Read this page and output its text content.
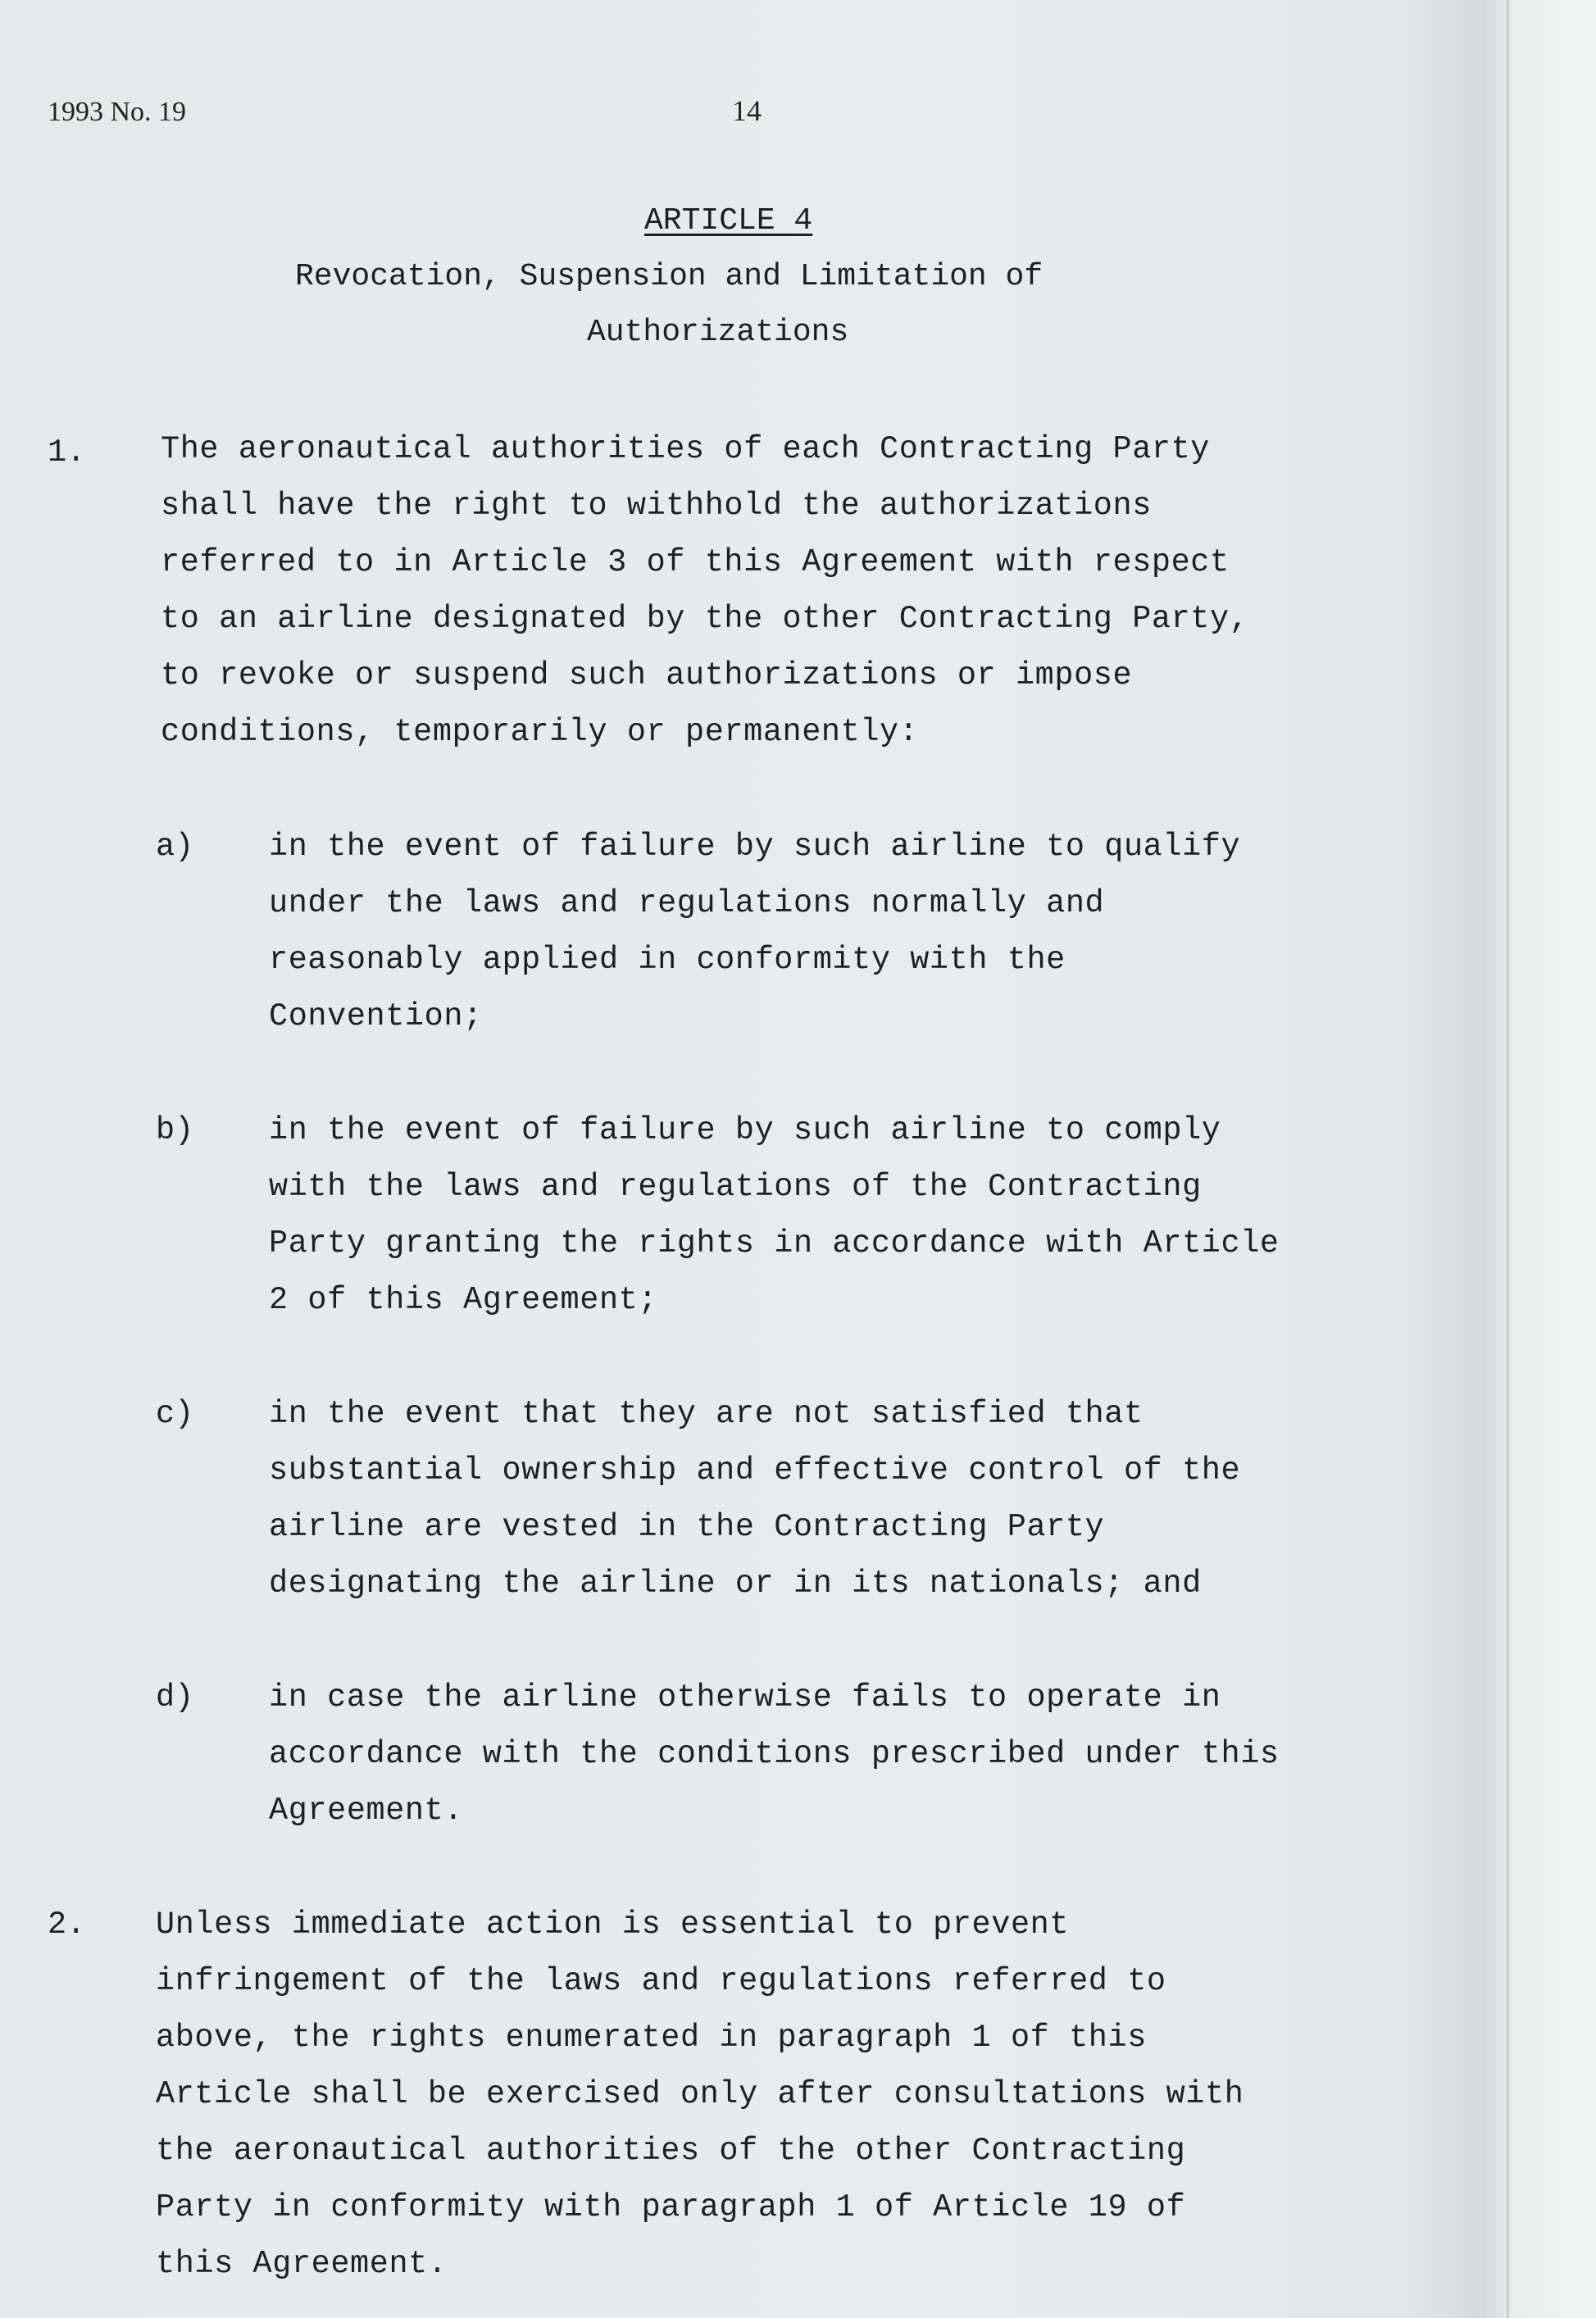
1993 No. 19	14
ARTICLE 4
Revocation, Suspension and Limitation of
Authorizations
1. The aeronautical authorities of each Contracting Party
shall have the right to withhold the authorizations
referred to in Article 3 of this Agreement with respect
to an airline designated by the other Contracting Party,
to revoke or suspend such authorizations or impose
conditions, temporarily or permanently:
a) in the event of failure by such airline to qualify
under the laws and regulations normally and
reasonably applied in conformity with the
Convention;
b) in the event of failure by such airline to comply
with the laws and regulations of the Contracting
Party granting the rights in accordance with Article
2 of this Agreement;
c) in the event that they are not satisfied that
substantial ownership and effective control of the
airline are vested in the Contracting Party
designating the airline or in its nationals; and
d) in case the airline otherwise fails to operate in
accordance with the conditions prescribed under this
Agreement.
2. Unless immediate action is essential to prevent
infringement of the laws and regulations referred to
above, the rights enumerated in paragraph 1 of this
Article shall be exercised only after consultations with
the aeronautical authorities of the other Contracting
Party in conformity with paragraph 1 of Article 19 of
this Agreement.
